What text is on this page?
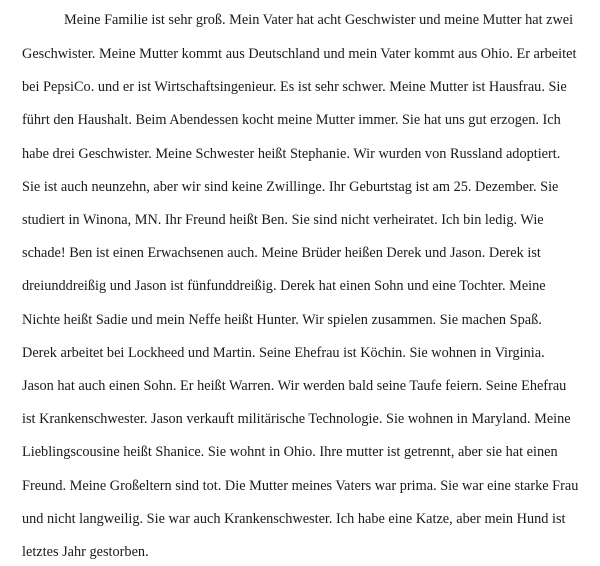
Meine Familie ist sehr groß. Mein Vater hat acht Geschwister und meine Mutter hat zwei
Geschwister. Meine Mutter kommt aus Deutschland und mein Vater kommt aus Ohio. Er arbeitet
bei PepsiCo. und er ist Wirtschaftsingenieur. Es ist sehr schwer. Meine Mutter ist Hausfrau. Sie
führt den Haushalt. Beim Abendessen kocht meine Mutter immer. Sie hat uns gut erzogen. Ich
habe drei Geschwister. Meine Schwester heißt Stephanie. Wir wurden von Russland adoptiert.
Sie ist auch neunzehn, aber wir sind keine Zwillinge. Ihr Geburtstag ist am 25. Dezember. Sie
studiert in Winona, MN. Ihr Freund heißt Ben. Sie sind nicht verheiratet. Ich bin ledig. Wie
schade! Ben ist einen Erwachsenen auch. Meine Brüder heißen Derek und Jason. Derek ist
dreiunddreißig und Jason ist fünfunddreißig. Derek hat einen Sohn und eine Tochter. Meine
Nichte heißt Sadie und mein Neffe heißt Hunter. Wir spielen zusammen. Sie machen Spaß.
Derek arbeitet bei Lockheed und Martin. Seine Ehefrau ist Köchin. Sie wohnen in Virginia.
Jason hat auch einen Sohn. Er heißt Warren. Wir werden bald seine Taufe feiern. Seine Ehefrau
ist Krankenschwester. Jason verkauft militärische Technologie. Sie wohnen in Maryland. Meine
Lieblingscousine heißt Shanice. Sie wohnt in Ohio. Ihre mutter ist getrennt, aber sie hat einen
Freund. Meine Großeltern sind tot. Die Mutter meines Vaters war prima. Sie war eine starke Frau
und nicht langweilig. Sie war auch Krankenschwester. Ich habe eine Katze, aber mein Hund ist
letztes Jahr gestorben.
